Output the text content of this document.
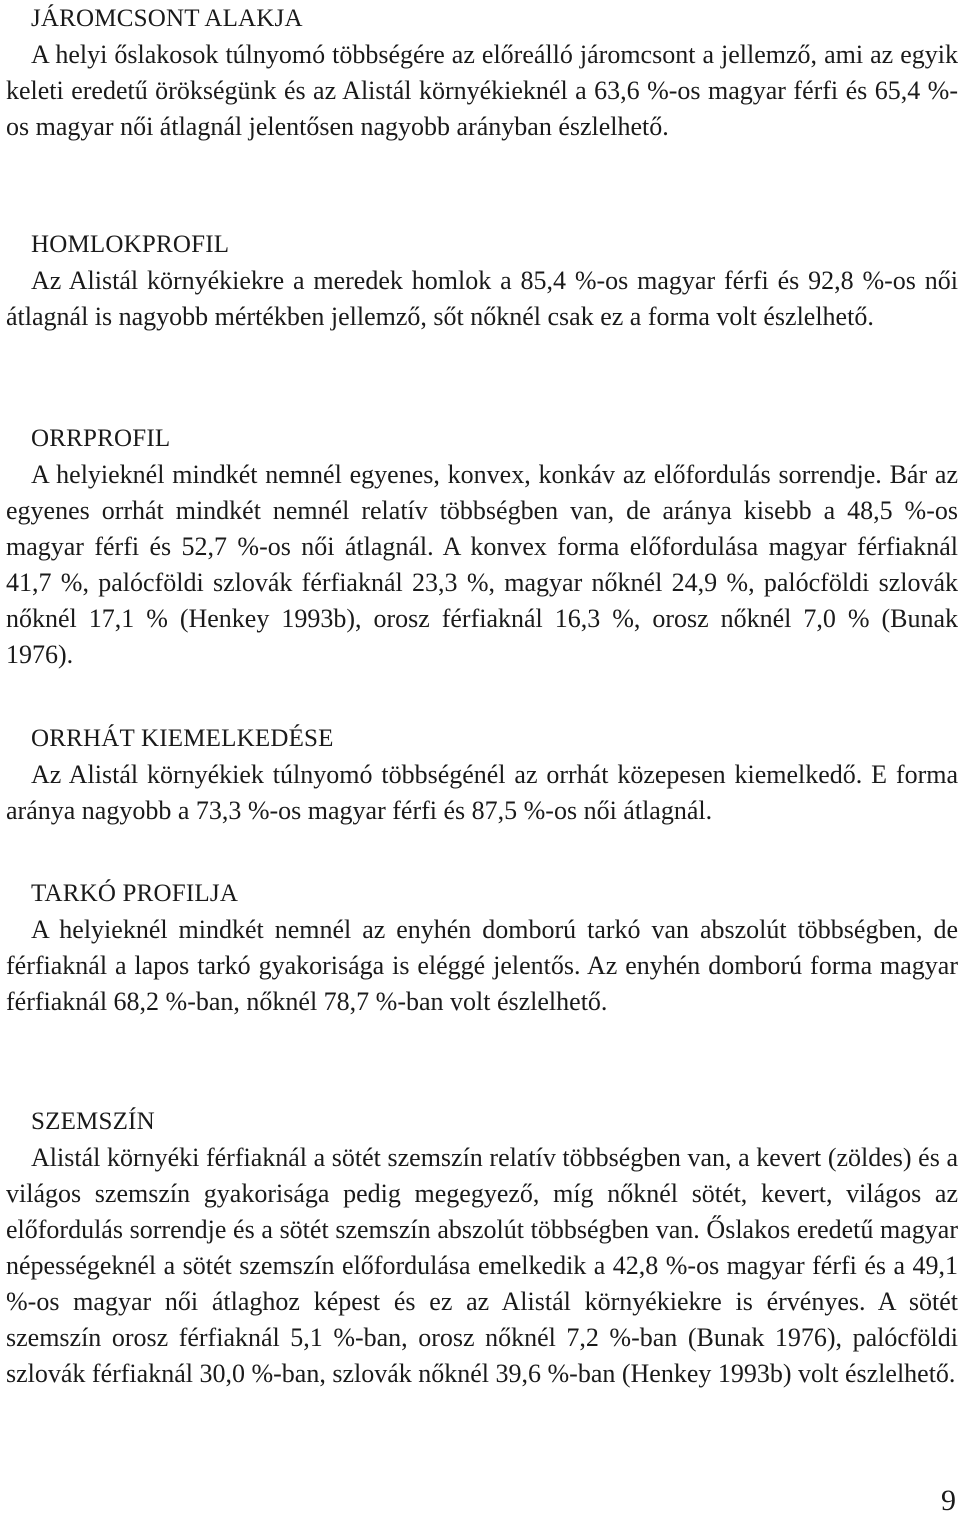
JÁROMCSONT ALAKJA

A helyi őslakosok túlnyomó többségére az előreálló járomcsont a jellemző, ami az egyik keleti eredetű örökségünk és az Alistál környékieknél a 63,6 %-os magyar férfi és 65,4 %-os magyar női átlagnál jelentősen nagyobb arányban észlelhető.

HOMLOKPROFIL

Az Alistál környékiekre a meredek homlok a 85,4 %-os magyar férfi és 92,8 %-os női átlagnál is nagyobb mértékben jellemző, sőt nőknél csak ez a forma volt észlelhető.

ORRPROFIL

A helyieknél mindkét nemnél egyenes, konvex, konkáv az előfordulás sorrendje. Bár az egyenes orrhát mindkét nemnél relatív többségben van, de aránya kisebb a 48,5 %-os magyar férfi és 52,7 %-os női átlagnál. A konvex forma előfordulása magyar férfiaknál 41,7 %, palócföldi szlovák férfiaknál 23,3 %, magyar nőknél 24,9 %, palócföldi szlovák nőknél 17,1 % (Henkey 1993b), orosz férfiaknál 16,3 %, orosz nőknél 7,0 % (Bunak 1976).

ORRHÁT KIEMELKEDÉSE

Az Alistál környékiek túlnyomó többségénél az orrhát közepesen kiemelkedő. E forma aránya nagyobb a 73,3 %-os magyar férfi és 87,5 %-os női átlagnál.

TARKÓ PROFILJA

A helyieknél mindkét nemnél az enyhén domború tarkó van abszolút többségben, de férfiaknál a lapos tarkó gyakorisága is eléggé jelentős. Az enyhén domború forma magyar férfiaknál 68,2 %-ban, nőknél 78,7 %-ban volt észlelhető.

SZEMSZÍN

Alistál környéki férfiaknál a sötét szemszín relatív többségben van, a kevert (zöldes) és a világos szemszín gyakorisága pedig megegyező, míg nőknél sötét, kevert, világos az előfordulás sorrendje és a sötét szemszín abszolút többségben van. Őslakos eredetű magyar népességeknél a sötét szemszín előfordulása emelkedik a 42,8 %-os magyar férfi és a 49,1 %-os magyar női átlaghoz képest és ez az Alistál környékiekre is érvényes. A sötét szemszín orosz férfiaknál 5,1 %-ban, orosz nőknél 7,2 %-ban (Bunak 1976), palócföldi szlovák férfiaknál 30,0 %-ban, szlovák nőknél 39,6 %-ban (Henkey 1993b) volt észlelhető.

9
